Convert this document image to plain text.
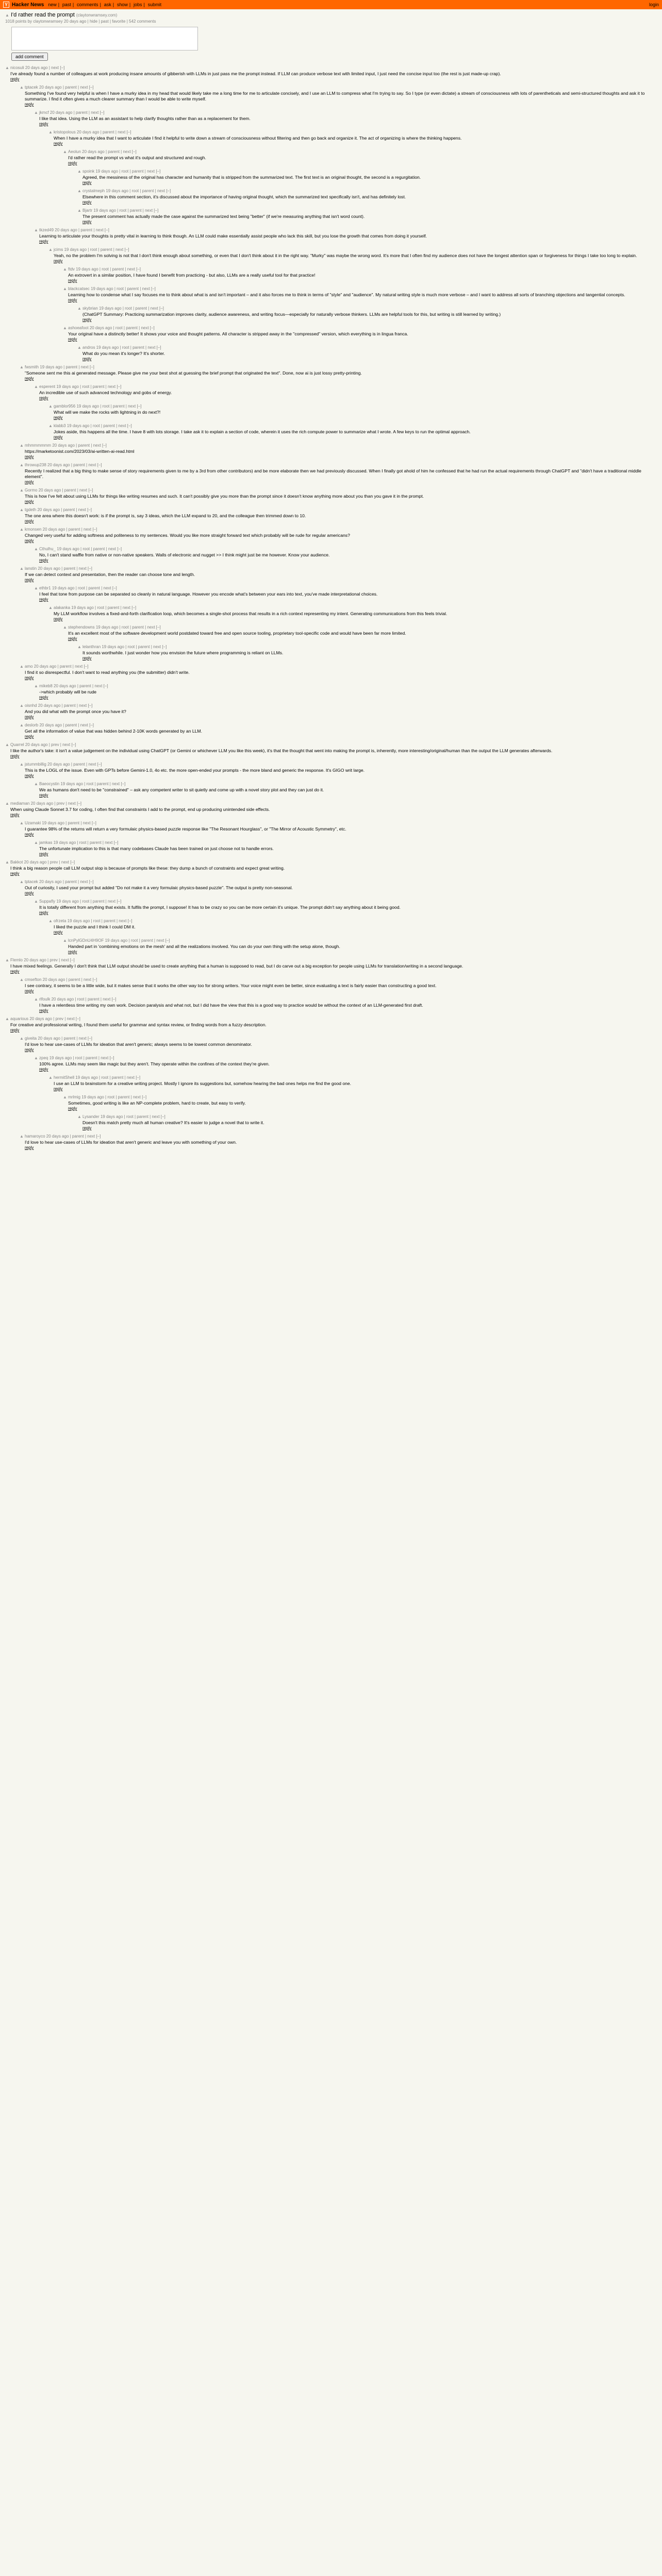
Y Hacker News new | past | comments | ask | show | jobs | submit	login
▲ I'd rather read the prompt (claytonwramsey.com)
1018 points by claytonwramsey 20 days ago | hide | past | favorite | 542 comments
add comment
▲ nicosuli 20 days ago | next [–]
I've already found a number of colleagues at work producing insane amounts of gibberish with LLMs in just pass me the prompt instead. If LLM can produce verbose text with limited input, I just need the concise input too (the rest is just made-up crap).
reply
▲ tptacek 20 days ago | parent | next [–]
Something I've found very helpful is when I have a murky idea in my head that would likely take me a long time for me to articulate concisely, and I use an LLM to compress what I'm trying to say. So I type (or even dictate) a stream of consciousness with lots of parentheticals and semi-structured thoughts and ask it to summarize. I find it often gives a much clearer summary than I would be able to write myself.
reply
▲ jkmcf 20 days ago | parent | next [–]
I like that idea. Using the LLM as an assistant to help clarify thoughts rather than as a replacement for them.
reply
▲ kristopolous 20 days ago | parent | next [–]
When I have a murky idea that I want to articulate I find it helpful to write down a stream of consciousness without filtering and then go back and organize it. The act of organizing is where the thinking happens.
reply
▲ Aeolun 20 days ago | parent | next [–]
I'd rather read the prompt vs what it's output and structured and rough.
reply
▲ spoink 19 days ago | root | parent | next [–]
Agreed, the messiness of the original has character and humanity that is stripped from the summarized text. The first text is an original thought, the second is a regurgitation.
reply
▲ crystalmeph 19 days ago | root | parent | next [–]
Elsewhere in this comment section, it's discussed about the importance of having original thought, which the summarized text specifically isn't, and has definitely lost.
reply
▲ Bjartr 19 days ago | root | parent | next [–]
The present comment has actually made the case against the summarized text being "better" (if we're measuring anything that isn't word count).
reply
▲ tkzed49 20 days ago | parent | next [–]
Learning to articulate your thoughts is pretty vital in learning to think though. An LLM could make essentially assist people who lack this skill, but you lose the growth that comes from doing it yourself.
reply
▲ jcims 19 days ago | root | parent | next [–]
Yeah, no the problem I'm solving is not that I don't think enough about something, or even that I don't think about it in the right way. "Murky" was maybe the wrong word. It's more that I often find my audience does not have the longest attention span or forgiveness for things I take too long to explain.
reply
▲ ftdv 19 days ago | root | parent | next [–]
An extrovert in a similar position, I have found I benefit from practicing - but also, LLMs are a really useful tool for that practice!
reply
▲ blackcatsec 19 days ago | root | parent | next [–]
Learning how to condense what I say focuses me to think about what is and isn't important – and it also forces me to think in terms of "style" and "audience". My natural writing style is much more verbose – and I want to address all sorts of branching objections and tangential concepts.
reply
▲ skybrian 19 days ago | root | parent | next [–]
(ChatGPT Summary: Practicing summarization improves clarity, audience awareness, and writing focus—especially for naturally verbose thinkers. LLMs are helpful tools for this, but writing is still learned by writing.)
reply
▲ ashoeafoot 20 days ago | root | parent | next [–]
Your original have a distinctly better! It shows your voice and thought patterns. All character is stripped away in the "compressed" version, which everything is in lingua franca.
reply
▲ andros 19 days ago | root | parent | next [–]
What do you mean it's longer? It's shorter.
reply
▲ fwsmith 19 days ago | parent | next [–]
"Someone sent me this ai generated message. Please give me your best shot at guessing the brief prompt that originated the text". Done, now ai is just lossy pretty-printing.
reply
▲ esperent 19 days ago | root | parent | next [–]
An incredible use of such advanced technology and gobs of energy.
reply
▲ gamblor956 19 days ago | root | parent | next [–]
What will we make the rocks with lightning in do next?!
reply
▲ klabb3 19 days ago | root | parent | next [–]
Jokes aside, this happens all the time. I have 8 with lots storage. I take ask it to explain a section of code, wherein it uses the rich compute power to summarize what I wrote. A few keys to run the optimal approach.
reply
▲ mhmmmmmm 20 days ago | parent | next [–]
https://marketoonist.com/2023/03/ai-written-ai-read.html
reply
▲ throwup238 20 days ago | parent | next [–]
Recently I realized that a big thing to make sense of story requirements given to me by a 3rd from other contributors) and be more elaborate then we had previously discussed. When I finally got ahold of him he confessed that he had run the actual requirements through ChatGPT and "didn't have a traditional middle element".
reply
▲ Gormo 20 days ago | parent | next [–]
This is how I've felt about using LLMs for things like writing resumes and such. It can't possibly give you more than the prompt since it doesn't know anything more about you than you gave it in the prompt.
reply
▲ tgdeth 20 days ago | parent | next [–]
The one area where this doesn't work: is if the prompt is, say 3 ideas, which the LLM expand to 20, and the colleague then trimmed down to 10.
reply
▲ kmonsen 20 days ago | parent | next [–]
Changed very useful for adding softness and politeness to my sentences. Would you like more straight forward text which probably will be rude for regular americans?
reply
▲ Cthulhu_ 19 days ago | root | parent | next [–]
No, I can't stand waffle from native or non-native speakers. Walls of electronic and nugget >> I think might just be me however. Know your audience.
reply
▲ lanstin 20 days ago | parent | next [–]
If we can detect context and presentation, then the reader can choose tone and length.
reply
▲ ethbr1 19 days ago | root | parent | next [–]
I feel that tone from purpose can be separated so cleanly in natural language. However you encode what's between your ears into text, you've made interpretational choices.
reply
▲ alakanka 19 days ago | root | parent | next [–]
My LLM workflow involves a fixed-and-forth clarification loop, which becomes a single-shot process that results in a rich context representing my intent. Generating communications from this feels trivial.
reply
▲ stephendowns 19 days ago | root | parent | next [–]
It's an excellent most of the software development world postdated toward free and open source tooling, proprietary tool-specific code and would have been far more limited.
reply
▲ lelanthran 19 days ago | root | parent | next [–]
It sounds worthwhile. I just wonder how you envision the future where programming is reliant on LLMs.
reply
▲ amo 20 days ago | parent | next [–]
I find it so disrespectful. I don't want to read anything you (the submitter) didn't write.
reply
▲ mikeb8 20 days ago | parent | next [–]
->which probably will be rude
reply
▲ oisnhd 20 days ago | parent | next [–]
And you did what with the prompt once you have it?
reply
▲ deslorb 20 days ago | parent | next [–]
Get all the information of value that was hidden behind 2-10K words generated by an LLM.
reply
▲ Quarrel 20 days ago | prev | next [–]
I like the author's take: it isn't a value judgement on the individual using ChatGPT (or Gemini or whichever LLM you like this week), it's that the thought that went into making the prompt is, inherently, more interesting/original/human than the output the LLM generates afterwards.
reply
▲ jstummbillig 20 days ago | parent | next [–]
This is the LOGL of the issue. Even with GPTs before Gemini-1.0, 4o etc. the more open-ended your prompts - the more bland and generic the response. It's GIGO writ large.
reply
▲ Baeocystin 19 days ago | root | parent | next [–]
We as humans don't need to be "constrained" – ask any competent writer to sit quietly and come up with a novel story plot and they can just do it.
reply
▲ mediaman 20 days ago | prev | next [–]
When using Claude Sonnet 3.7 for coding, I often find that constraints I add to the prompt, end up producing unintended side effects.
reply
▲ Uzamaki 19 days ago | parent | next [–]
I guarantee 98% of the returns will return a very formulaic physics-based puzzle response like "The Resonant Hourglass", or "The Mirror of Acoustic Symmetry", etc.
reply
▲ jamkas 19 days ago | root | parent | next [–]
The unfortunate implication to this is that many codebases Claude has been trained on just choose not to handle errors.
reply
▲ Bakkot 20 days ago | prev | next [–]
I think a big reason people call LLM output slop is because of prompts like these: they dump a bunch of constraints and expect great writing.
reply
▲ tptacek 20 days ago | parent | next [–]
Out of curiosity, I used your prompt but added "Do not make it a very formulaic physics-based puzzle". The output is pretty non-seasonal.
reply
▲ Suppafly 19 days ago | root | parent | next [–]
It is totally different from anything that exists. It fulfils the prompt, I suppose! It has to be crazy so you can be more certain it's unique. The prompt didn't say anything about it being good.
reply
▲ ofrzeta 19 days ago | root | parent | next [–]
I liked the puzzle and I think I could DM it.
reply
▲ lcnPylGDnU4H9OF 19 days ago | root | parent | next [–]
Handed part in 'combining emotions on the mesh' and all the realizations involved. You can do your own thing with the setup alone, though.
reply
▲ Flemlo 20 days ago | prev | next [–]
I have mixed feelings. Generally I don't think that LLM output should be used to create anything that a human is supposed to read, but I do carve out a big exception for people using LLMs for translation/writing in a second language.
reply
▲ cmsefton 20 days ago | parent | next [–]
I see contrary, it seems to be a little wide, but it makes sense that it works the other way too for strong writers. Your voice might even be better, since evaluating a text is fairly easier than constructing a good text.
reply
▲ rlfoulk 20 days ago | root | parent | next [–]
I have a relentless time writing my own work. Decision paralysis and what not, but I did have the view that this is a good way to practice would be without the context of an LLM-generated first draft.
reply
▲ aquarious 20 days ago | prev | next [–]
For creative and professional writing, I found them useful for grammar and syntax review, or finding words from a fuzzy description.
reply
▲ giveita 20 days ago | parent | next [–]
I'd love to hear use-cases of LLMs for ideation that aren't generic; always seems to be lowest common denominator.
reply
▲ zpeq 19 days ago | root | parent | next [–]
100% agree. LLMs may seem like magic but they aren't. They operate within the confines of the context they're given.
reply
▲ hermitShell 19 days ago | root | parent | next [–]
I use an LLM to brainstorm for a creative writing project. Mostly I ignore its suggestions but, somehow hearing the bad ones helps me find the good one.
reply
▲ mrlmig 19 days ago | root | parent | next [–]
Sometimes, good writing is like an NP-complete problem, hard to create, but easy to verify.
reply
▲ Lysander 19 days ago | root | parent | next [–]
Doesn't this match pretty much all human creative? It's easier to judge a novel that to write it.
reply
▲ hamaroyco 20 days ago | parent | next [–]
I'd love to hear use-cases of LLMs for ideation that aren't generic and leave you with something of your own.
reply
